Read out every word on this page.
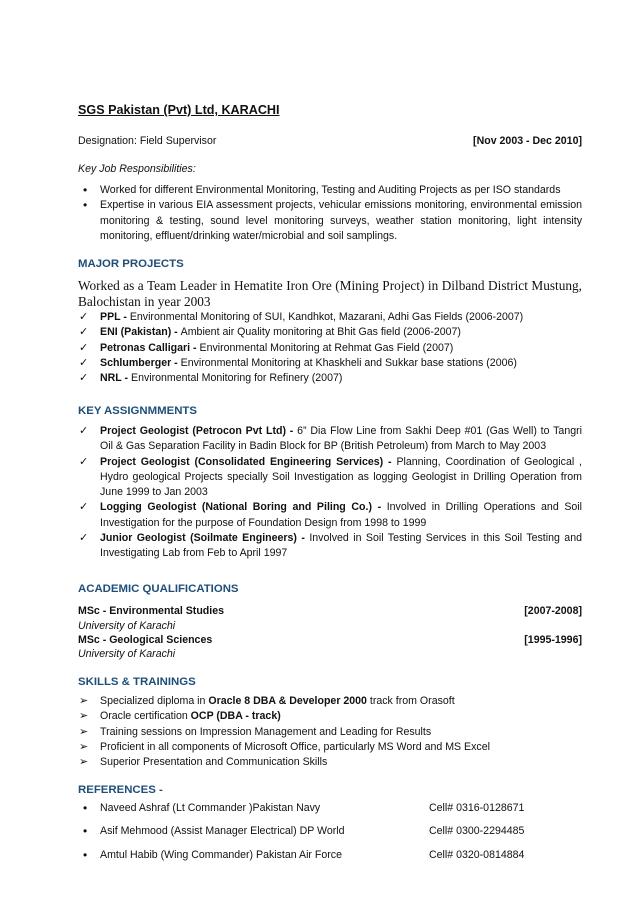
SGS Pakistan (Pvt) Ltd, KARACHI
Designation: Field Supervisor	[Nov 2003 - Dec 2010]
Key Job Responsibilities:
• Worked for different Environmental Monitoring, Testing and Auditing Projects as per ISO standards
• Expertise in various EIA assessment projects, vehicular emissions monitoring, environmental emission monitoring & testing, sound level monitoring surveys, weather station monitoring, light intensity monitoring, effluent/drinking water/microbial and soil samplings.
MAJOR PROJECTS
Worked as a Team Leader in Hematite Iron Ore (Mining Project) in Dilband District Mustung, Balochistan in year 2003
✓ PPL - Environmental Monitoring of SUI, Kandhkot, Mazarani, Adhi Gas Fields (2006-2007)
✓ ENI (Pakistan) - Ambient air Quality monitoring at Bhit Gas field (2006-2007)
✓ Petronas Calligari - Environmental Monitoring at Rehmat Gas Field (2007)
✓ Schlumberger - Environmental Monitoring at Khaskheli and Sukkar base stations (2006)
✓ NRL - Environmental Monitoring for Refinery (2007)
KEY ASSIGNMMENTS
✓ Project Geologist (Petrocon Pvt Ltd) - 6” Dia Flow Line from Sakhi Deep #01 (Gas Well) to Tangri Oil & Gas Separation Facility in Badin Block for BP (British Petroleum) from March to May 2003
✓ Project Geologist (Consolidated Engineering Services) - Planning, Coordination of Geological , Hydro geological Projects specially Soil Investigation as logging Geologist in Drilling Operation from June 1999 to Jan 2003
✓ Logging Geologist (National Boring and Piling Co.) - Involved in Drilling Operations and Soil Investigation for the purpose of Foundation Design from 1998 to 1999
✓ Junior Geologist (Soilmate Engineers) - Involved in Soil Testing Services in this Soil Testing and Investigating Lab from Feb to April 1997
ACADEMIC QUALIFICATIONS
MSc - Environmental Studies	[2007-2008]
University of Karachi
MSc - Geological Sciences	[1995-1996]
University of Karachi
SKILLS & TRAININGS
➢ Specialized diploma in Oracle 8 DBA & Developer 2000 track from Orasoft
➢ Oracle certification OCP (DBA - track)
➢ Training sessions on Impression Management and Leading for Results
➢ Proficient in all components of Microsoft Office, particularly MS Word and MS Excel
➢ Superior Presentation and Communication Skills
REFERENCES -
• Naveed Ashraf (Lt Commander )Pakistan Navy	Cell# 0316-0128671
• Asif Mehmood (Assist Manager Electrical) DP World	Cell# 0300-2294485
• Amtul Habib (Wing Commander) Pakistan Air Force	Cell# 0320-0814884
